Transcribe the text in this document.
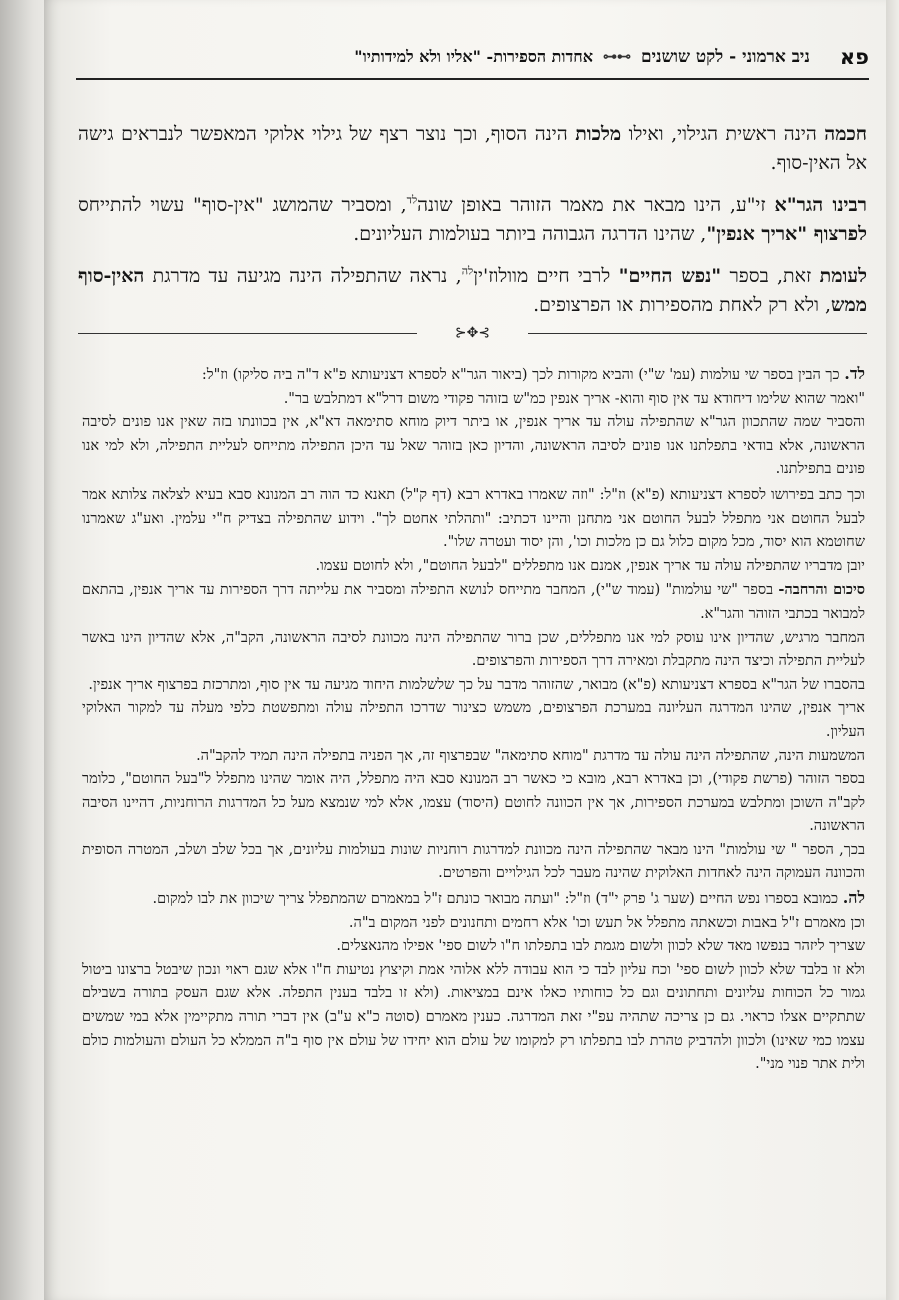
פא
ניב ארמוני - לקט שושנים
⊶⊷
אחדות הספירות- "אליו ולא למידותיו"

חכמה הינה ראשית הגילוי, ואילו מלכות הינה הסוף, וכך נוצר רצף של גילוי אלוקי המאפשר לנבראים גישה אל האין-סוף.

רבינו הגר"א זי"ע, הינו מבאר את מאמר הזוהר באופן שונה$^{לד}$, ומסביר שהמושג "אין-סוף" עשוי להתייחס לפרצוף "אריך אנפין", שהינו הדרגה הגבוהה ביותר בעולמות העליונים.

לעומת זאת, בספר "נפש החיים" לרבי חיים מוולוז'ין$^{לה}$, נראה שהתפילה הינה מגיעה עד מדרגת האין-סוף ממש, ולא רק לאחת מהספירות או הפרצופים.

⊱✥⊰

לד. כך הבין בספר שי עולמות (עמ' ש"י) והביא מקורות לכך (ביאור הגר"א לספרא דצניעותא פ"א ד"ה ביה סליקו) וז"ל:

"ואמר שהוא שלימו דיחודא עד אין סוף והוא- אריך אנפין כמ"ש בזוהר פקודי משום דרל"א דמתלבש בר".

והסביר שמה שהתכוון הגר"א שהתפילה עולה עד אריך אנפין, או ביתר דיוק מוחא סתימאה דא"א, אין בכוונתו בזה שאין אנו פונים לסיבה הראשונה, אלא בודאי בתפלתנו אנו פונים לסיבה הראשונה, והדיון כאן בזוהר שאל עד היכן התפילה מתייחס לעליית התפילה, ולא למי אנו פונים בתפילתנו.

וכך כתב בפירושו לספרא דצניעותא (פ"א) וז"ל: "וזה שאמרו באדרא רבא (דף ק"ל) תאנא כד הוה רב המנונא סבא בעיא לצלאה צלותא אמר לבעל החוטם אני מתפלל לבעל החוטם אני מתחנן והיינו דכתיב: "ותהלתי אחטם לך". וידוע שהתפילה בצדיק ח"י עלמין. ואע"ג שאמרנו שחוטמא הוא יסוד, מכל מקום כלול גם כן מלכות וכו', והן יסוד ועטרה שלו".

יובן מדבריו שהתפילה עולה עד אריך אנפין, אמנם אנו מתפללים "לבעל החוטם", ולא לחוטם עצמו.

סיכום והרחבה- בספר "שי עולמות" (עמוד ש"י), המחבר מתייחס לנושא התפילה ומסביר את עלייתה דרך הספירות עד אריך אנפין, בהתאם למבואר בכתבי הזוהר והגר"א.

המחבר מרגיש, שהדיון אינו עוסק למי אנו מתפללים, שכן ברור שהתפילה הינה מכוונת לסיבה הראשונה, הקב"ה, אלא שהדיון הינו באשר לעליית התפילה וכיצד הינה מתקבלת ומאירה דרך הספירות והפרצופים.

בהסברו של הגר"א בספרא דצניעותא (פ"א) מבואר, שהזוהר מדבר על כך שלשלמות היחוד מגיעה עד אין סוף, ומתרכזת בפרצוף אריך אנפין.

אריך אנפין, שהינו המדרגה העליונה במערכת הפרצופים, משמש כצינור שדרכו התפילה עולה ומתפשטת כלפי מעלה עד למקור האלוקי העליון.

המשמעות הינה, שהתפילה הינה עולה עד מדרגת "מוחא סתימאה" שבפרצוף זה, אך הפניה בתפילה הינה תמיד להקב"ה.

בספר הזוהר (פרשת פקודי), וכן באדרא רבא, מובא כי כאשר רב המנונא סבא היה מתפלל, היה אומר שהינו מתפלל ל"בעל החוטם", כלומר לקב"ה השוכן ומתלבש במערכת הספירות, אך אין הכוונה לחוטם (היסוד) עצמו, אלא למי שנמצא מעל כל המדרגות הרוחניות, דהיינו הסיבה הראשונה.

בכך, הספר " שי עולמות" הינו מבאר שהתפילה הינה מכוונת למדרגות רוחניות שונות בעולמות עליונים, אך בכל שלב ושלב, המטרה הסופית והכוונה העמוקה הינה לאחדות האלוקית שהינה מעבר לכל הגילויים והפרטים.

לה. כמובא בספרו נפש החיים (שער ג' פרק י"ד) וז"ל: "ועתה מבואר כונתם ז"ל במאמרם שהמתפלל צריך שיכוון את לבו למקום.

וכן מאמרם ז"ל באבות וכשאתה מתפלל אל תעש וכו' אלא רחמים ותחנונים לפני המקום ב"ה.

שצריך ליזהר בנפשו מאד שלא לכוון ולשום מגמת לבו בתפלתו ח"ו לשום ספי' אפילו מהנאצלים.

ולא זו בלבד שלא לכוון לשום ספי' וכח עליון לבד כי הוא עבודה ללא אלוהי אמת וקיצוץ נטיעות ח"ו אלא שגם ראוי ונכון שיבטל ברצונו ביטול גמור כל הכוחות עליונים ותחתונים וגם כל כוחותיו כאלו אינם במציאות. (ולא זו בלבד בענין התפלה. אלא שגם העסק בתורה בשבילם שתתקיים אצלו כראוי. גם כן צריכה שתהיה עפ"י זאת המדרגה. כענין מאמרם (סוטה כ"א ע"ב) אין דברי תורה מתקיימין אלא במי שמשים עצמו כמי שאינו) ולכוון ולהדביק טהרת לבו בתפלתו רק למקומו של עולם הוא יחידו של עולם אין סוף ב"ה הממלא כל העולם והעולמות כולם ולית אתר פנוי מני".
